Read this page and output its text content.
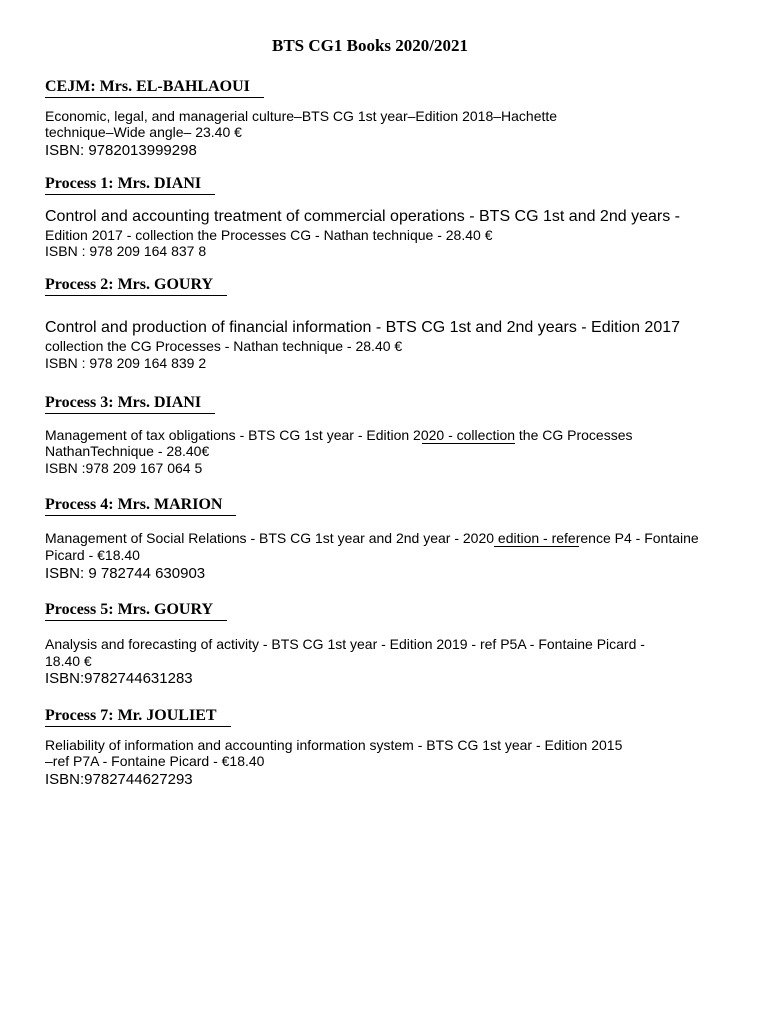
BTS CG1 Books 2020/2021
CEJM: Mrs. EL-BAHLAOUI
Economic, legal, and managerial culture–BTS CG 1st year–Edition 2018–Hachette
technique–Wide angle– 23.40 €
ISBN: 9782013999298
Process 1: Mrs. DIANI
Control and accounting treatment of commercial operations - BTS CG 1st and 2nd years -
Edition 2017 - collection the Processes CG - Nathan technique - 28.40 €
ISBN : 978 209 164 837 8
Process 2: Mrs. GOURY
Control and production of financial information - BTS CG 1st and 2nd years - Edition 2017
collection the CG Processes - Nathan technique - 28.40 €
ISBN : 978 209 164 839 2
Process 3: Mrs. DIANI
Management of tax obligations - BTS CG 1st year - Edition 2020 - collection the CG Processes
NathanTechnique - 28.40€
ISBN :978 209 167 064 5
Process 4: Mrs. MARION
Management of Social Relations - BTS CG 1st year and 2nd year - 2020 edition - reference P4 - Fontaine
Picard - €18.40
ISBN: 9 782744 630903
Process 5: Mrs. GOURY
Analysis and forecasting of activity - BTS CG 1st year - Edition 2019 - ref P5A - Fontaine Picard -
18.40 €
ISBN:9782744631283
Process 7: Mr. JOULIET
Reliability of information and accounting information system - BTS CG 1st year - Edition 2015
–ref P7A - Fontaine Picard - €18.40
ISBN:9782744627293
